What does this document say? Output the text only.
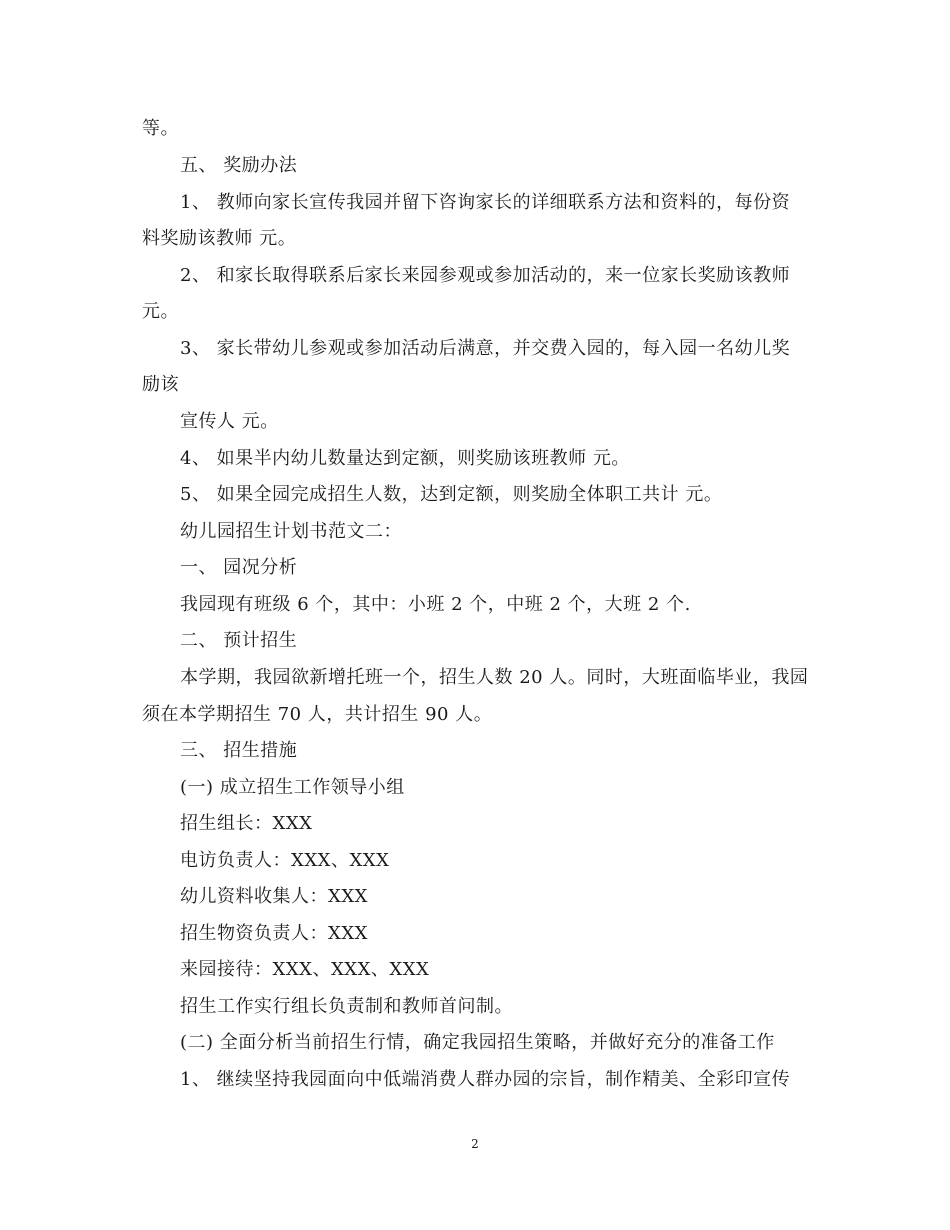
等。
五、 奖励办法
1、 教师向家长宣传我园并留下咨询家长的详细联系方法和资料的，每份资
料奖励该教师 元。
2、 和家长取得联系后家长来园参观或参加活动的，来一位家长奖励该教师
元。
3、 家长带幼儿参观或参加活动后满意，并交费入园的，每入园一名幼儿奖
励该
宣传人 元。
4、 如果半内幼儿数量达到定额，则奖励该班教师 元。
5、 如果全园完成招生人数，达到定额，则奖励全体职工共计 元。
幼儿园招生计划书范文二：
一、 园况分析
我园现有班级 6 个，其中：小班 2 个，中班 2 个，大班 2 个.
二、 预计招生
本学期，我园欲新增托班一个，招生人数 20 人。同时，大班面临毕业，我园
须在本学期招生 70 人，共计招生 90 人。
三、 招生措施
(一) 成立招生工作领导小组
招生组长：XXX
电访负责人：XXX、XXX
幼儿资料收集人：XXX
招生物资负责人：XXX
来园接待：XXX、XXX、XXX
招生工作实行组长负责制和教师首问制。
(二) 全面分析当前招生行情，确定我园招生策略，并做好充分的准备工作
1、 继续坚持我园面向中低端消费人群办园的宗旨，制作精美、全彩印宣传
2
